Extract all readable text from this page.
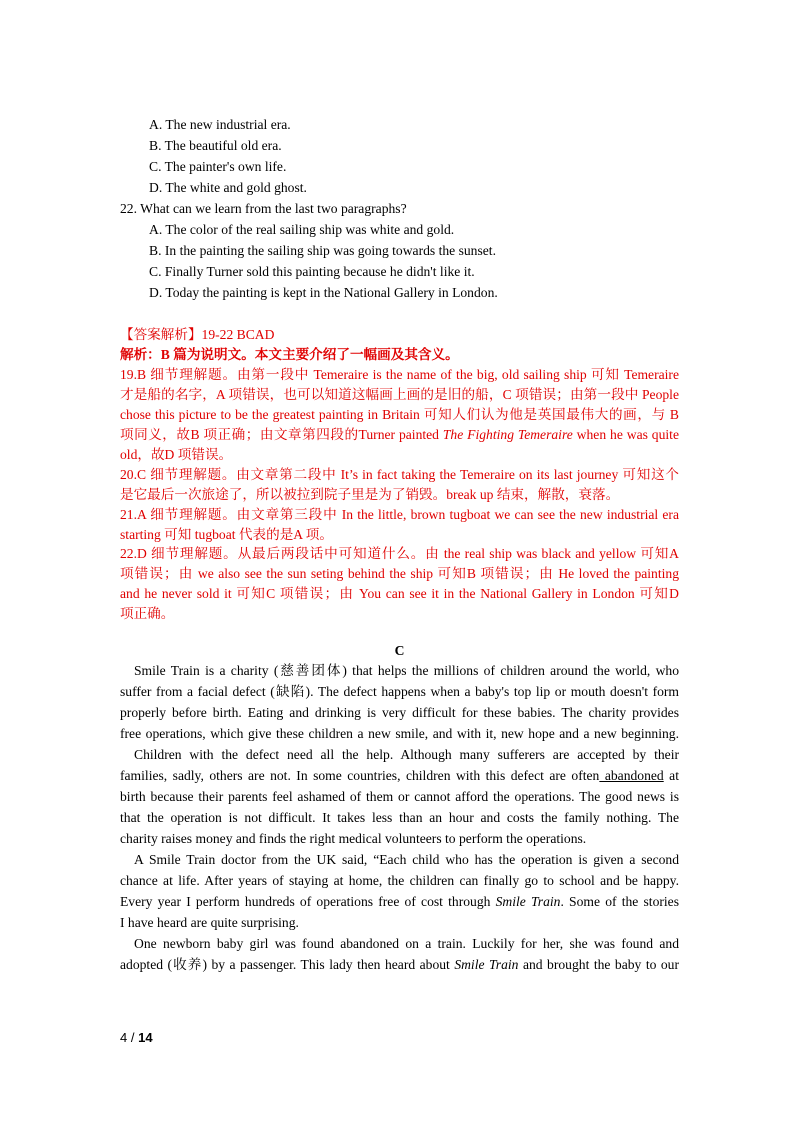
A. The new industrial era.
B. The beautiful old era.
C. The painter's own life.
D. The white and gold ghost.
22. What can we learn from the last two paragraphs?
A. The color of the real sailing ship was white and gold.
B. In the painting the sailing ship was going towards the sunset.
C. Finally Turner sold this painting because he didn't like it.
D. Today the painting is kept in the National Gallery in London.
【答案解析】19-22 BCAD
解析：B 篇为说明文。本文主要介绍了一幅画及其含义。
19.B 细节理解题。由第一段中 Temeraire is the name of the big, old sailing ship 可知 Temeraire
才是船的名字，A 项错误，也可以知道这幅画上画的是旧的船，C 项错误；由第一段中 People
chose this picture to be the greatest painting in Britain 可知人们认为他是英国最伟大的画，与 B
项同义，故B 项正确；由文章第四段的Turner painted The Fighting Temeraire when he was quite
old，故D 项错误。
20.C 细节理解题。由文章第二段中 It’s in fact taking the Temeraire on its last journey 可知这个
是它最后一次旅途了，所以被拉到院子里是为了销毁。break up 结束，解散，衰落。
21.A 细节理解题。由文章第三段中 In the little, brown tugboat we can see the new industrial era
starting 可知 tugboat 代表的是A 项。
22.D 细节理解题。从最后两段话中可知道什么。由 the real ship was black and yellow 可知A
项错误；由 we also see the sun seting behind the ship 可知B 项错误；由 He loved the painting
and he never sold it 可知C 项错误；由 You can see it in the National Gallery in London 可知D
项正确。
C
Smile Train is a charity (慈善团体) that helps the millions of children around the world, who
suffer from a facial defect (缺陷). The defect happens when a baby's top lip or mouth doesn't form
properly before birth. Eating and drinking is very difficult for these babies. The charity provides
free operations, which give these children a new smile, and with it, new hope and a new beginning.
Children with the defect need all the help. Although many sufferers are accepted by their
families, sadly, others are not. In some countries, children with this defect are often abandoned at
birth because their parents feel ashamed of them or cannot afford the operations. The good news is
that the operation is not difficult. It takes less than an hour and costs the family nothing. The
charity raises money and finds the right medical volunteers to perform the operations.
A Smile Train doctor from the UK said, “Each child who has the operation is given a second
chance at life. After years of staying at home, the children can finally go to school and be happy.
Every year I perform hundreds of operations free of cost through Smile Train. Some of the stories
I have heard are quite surprising.
One newborn baby girl was found abandoned on a train. Luckily for her, she was found and
adopted (收养) by a passenger. This lady then heard about Smile Train and brought the baby to our
4 / 14
